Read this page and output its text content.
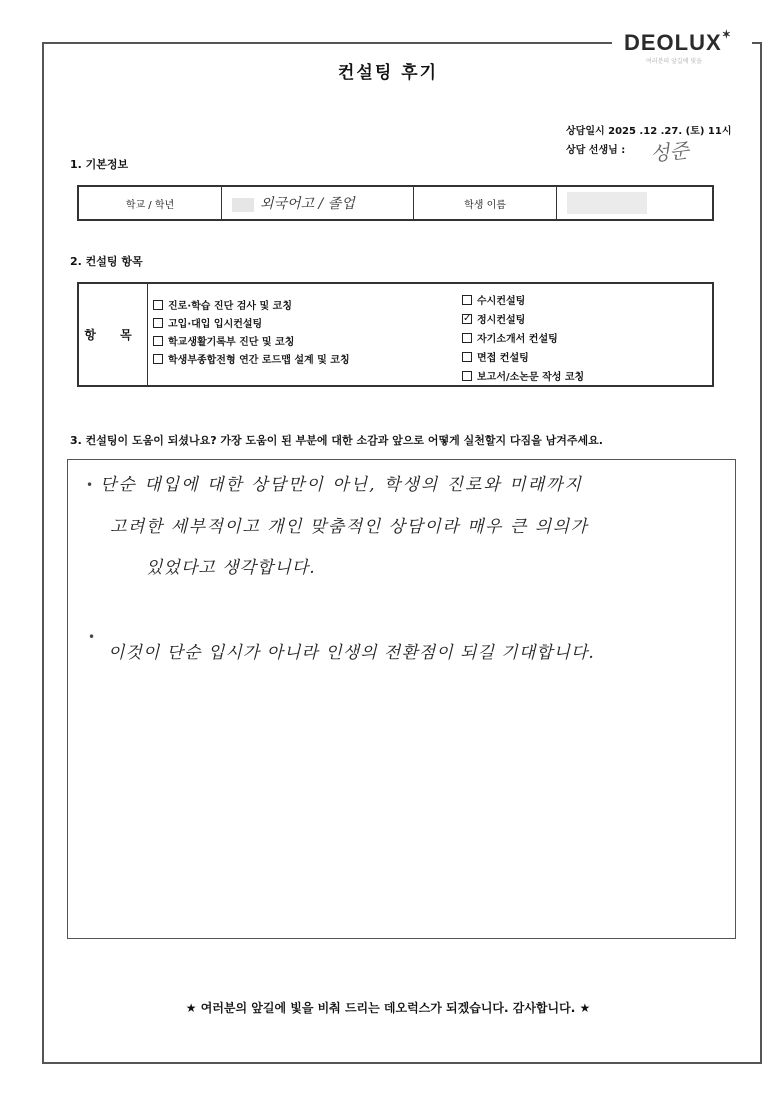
DEOLUX✶
여러분의 앞길에 빛을
컨설팅 후기
상담일시 2025 .12 .27. (토) 11시
상담 선생님 : 성준
1. 기본정보
학교 / 학년	외국어고 / 졸업	학생 이름	
2. 컨설팅 항목
항 목
진로·학습 진단 검사 및 코칭
고입·대입 입시컨설팅
학교생활기록부 진단 및 코칭
학생부종합전형 연간 로드맵 설계 및 코칭
수시컨설팅
✓ 정시컨설팅
자기소개서 컨설팅
면접 컨설팅
보고서/소논문 작성 코칭
3. 컨설팅이 도움이 되셨나요? 가장 도움이 된 부분에 대한 소감과 앞으로 어떻게 실천할지 다짐을 남겨주세요.
• 단순 대입에 대한 상담만이 아닌, 학생의 진로와 미래까지
고려한 세부적이고 개인 맞춤적인 상담이라 매우 큰 의의가
있었다고 생각합니다.
•
이것이 단순 입시가 아니라 인생의 전환점이 되길 기대합니다.
★ 여러분의 앞길에 빛을 비춰 드리는 데오럭스가 되겠습니다. 감사합니다. ★
